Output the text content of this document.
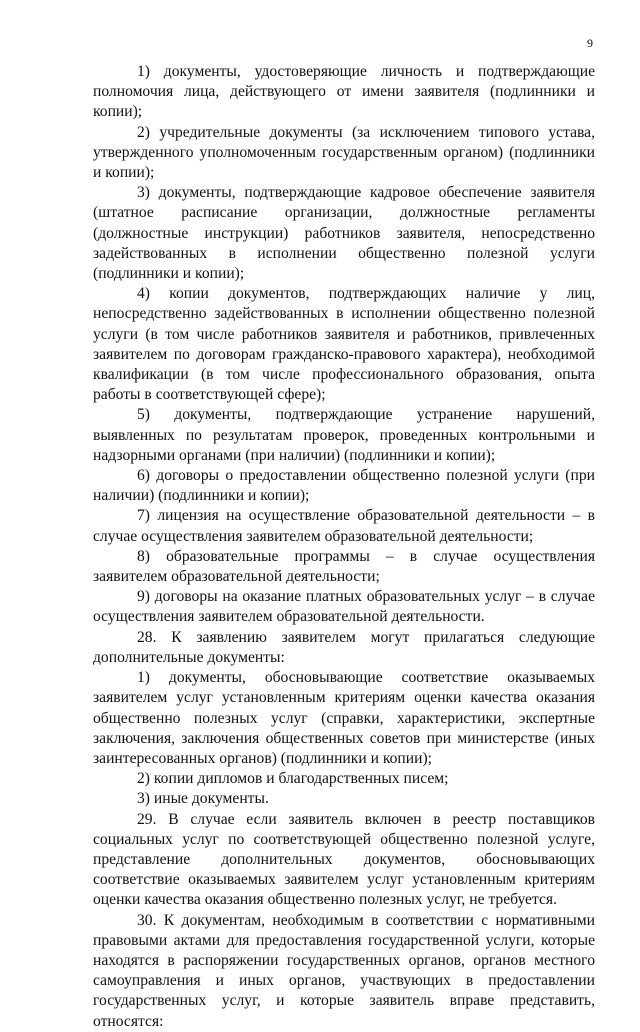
9

1) документы, удостоверяющие личность и подтверждающие полномочия лица, действующего от имени заявителя (подлинники и копии);

2) учредительные документы (за исключением типового устава, утвержденного уполномоченным государственным органом) (подлинники и копии);

3) документы, подтверждающие кадровое обеспечение заявителя (штатное расписание организации, должностные регламенты (должностные инструкции) работников заявителя, непосредственно задействованных в исполнении общественно полезной услуги (подлинники и копии);

4) копии документов, подтверждающих наличие у лиц, непосредственно задействованных в исполнении общественно полезной услуги (в том числе работников заявителя и работников, привлеченных заявителем по договорам гражданско-правового характера), необходимой квалификации (в том числе профессионального образования, опыта работы в соответствующей сфере);

5) документы, подтверждающие устранение нарушений, выявленных по результатам проверок, проведенных контрольными и надзорными органами (при наличии) (подлинники и копии);

6) договоры о предоставлении общественно полезной услуги (при наличии) (подлинники и копии);

7) лицензия на осуществление образовательной деятельности – в случае осуществления заявителем образовательной деятельности;

8) образовательные программы – в случае осуществления заявителем образовательной деятельности;

9) договоры на оказание платных образовательных услуг – в случае осуществления заявителем образовательной деятельности.

28. К заявлению заявителем могут прилагаться следующие дополнительные документы:

1) документы, обосновывающие соответствие оказываемых заявителем услуг установленным критериям оценки качества оказания общественно полезных услуг (справки, характеристики, экспертные заключения, заключения общественных советов при министерстве (иных заинтересованных органов) (подлинники и копии);

2) копии дипломов и благодарственных писем;

3) иные документы.

29. В случае если заявитель включен в реестр поставщиков социальных услуг по соответствующей общественно полезной услуге, представление дополнительных документов, обосновывающих соответствие оказываемых заявителем услуг установленным критериям оценки качества оказания общественно полезных услуг, не требуется.

30. К документам, необходимым в соответствии с нормативными правовыми актами для предоставления государственной услуги, которые находятся в распоряжении государственных органов, органов местного самоуправления и иных органов, участвующих в предоставлении государственных услуг, и которые заявитель вправе представить, относятся:
